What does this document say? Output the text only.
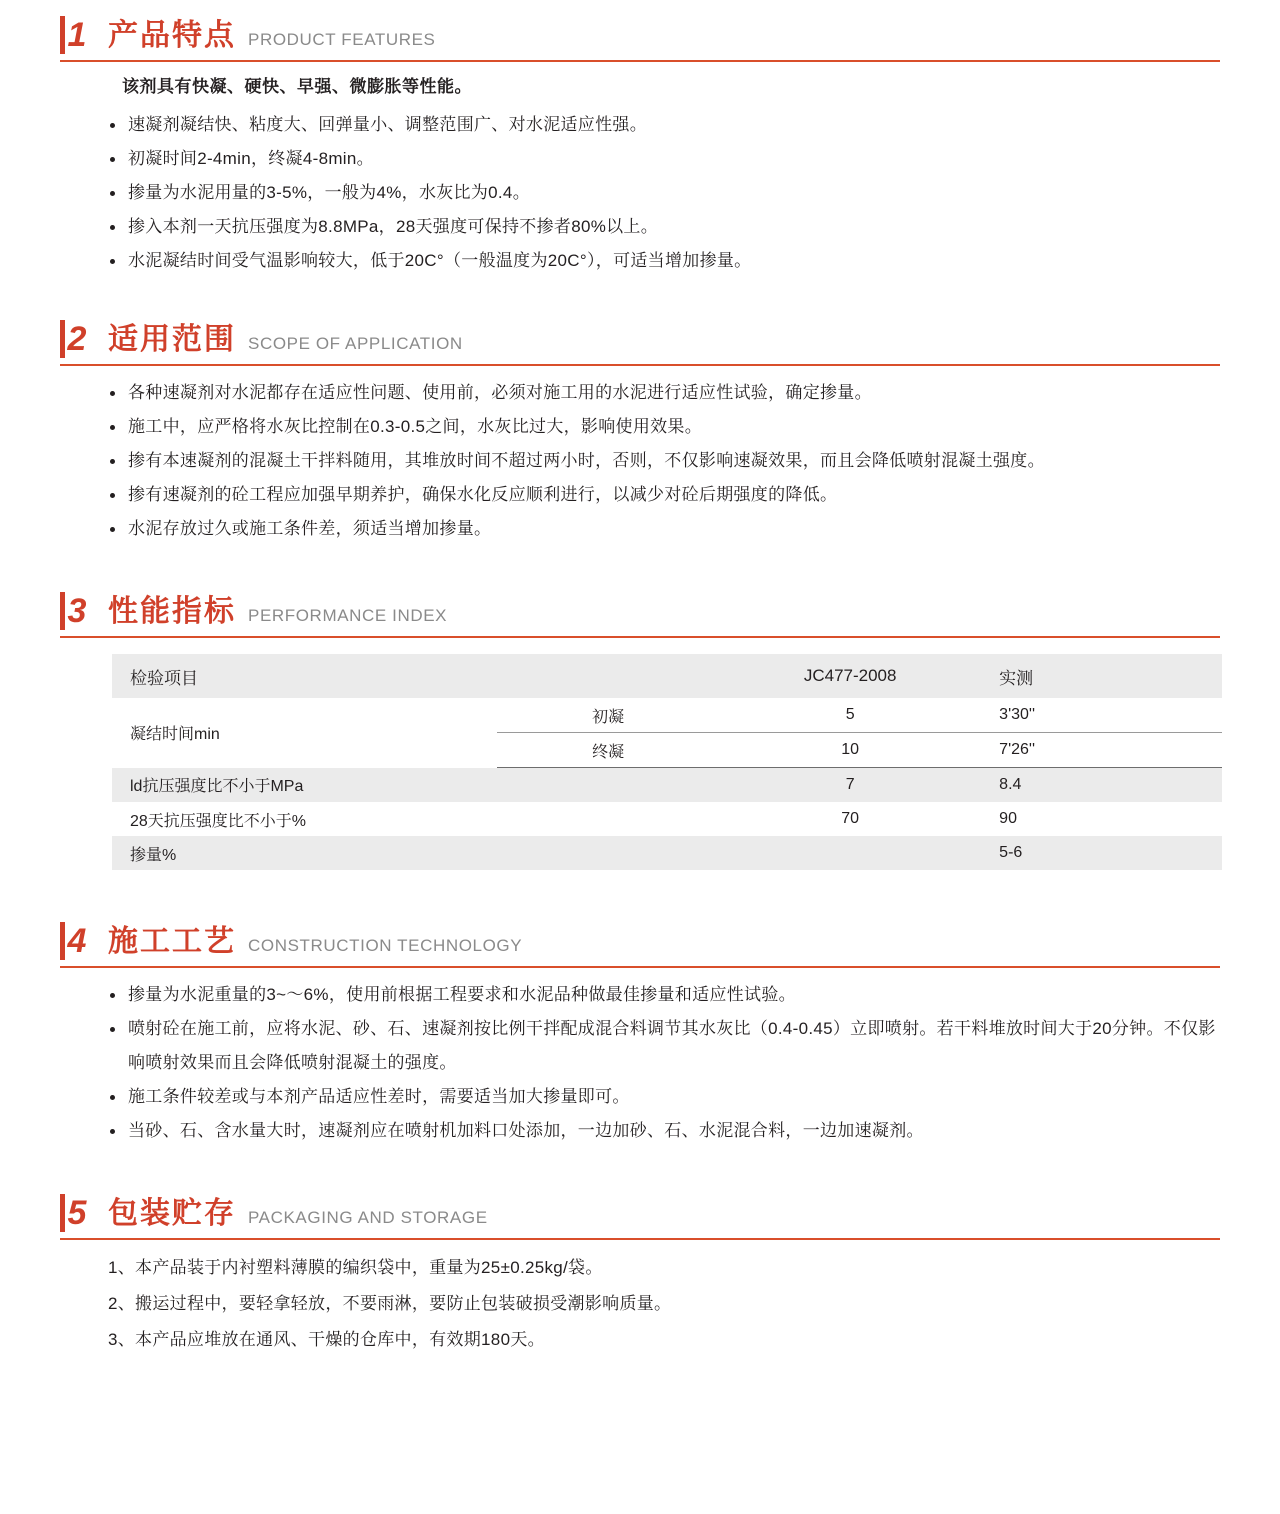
1 产品特点 PRODUCT FEATURES
该剂具有快凝、硬快、早强、微膨胀等性能。
速凝剂凝结快、粘度大、回弹量小、调整范围广、对水泥适应性强。
初凝时间2-4min，终凝4-8min。
掺量为水泥用量的3-5%，一般为4%，水灰比为0.4。
掺入本剂一天抗压强度为8.8MPa，28天强度可保持不掺者80%以上。
水泥凝结时间受气温影响较大，低于20C°（一般温度为20C°），可适当增加掺量。
2 适用范围 SCOPE OF APPLICATION
各种速凝剂对水泥都存在适应性问题、使用前，必须对施工用的水泥进行适应性试验，确定掺量。
施工中，应严格将水灰比控制在0.3-0.5之间，水灰比过大，影响使用效果。
掺有本速凝剂的混凝土干拌料随用，其堆放时间不超过两小时，否则，不仅影响速凝效果，而且会降低喷射混凝土强度。
掺有速凝剂的砼工程应加强早期养护，确保水化反应顺利进行，以减少对砼后期强度的降低。
水泥存放过久或施工条件差，须适当增加掺量。
3 性能指标 PERFORMANCE INDEX
检验项目		JC477-2008	实测
凝结时间min	初凝	5	3'30''
	终凝	10	7'26''
ld抗压强度比不小于MPa		7	8.4
28天抗压强度比不小于%		70	90
掺量%			5-6
4 施工工艺 CONSTRUCTION TECHNOLOGY
掺量为水泥重量的3~～6%，使用前根据工程要求和水泥品种做最佳掺量和适应性试验。
喷射砼在施工前，应将水泥、砂、石、速凝剂按比例干拌配成混合料调节其水灰比（0.4-0.45）立即喷射。若干料堆放时间大于20分钟。不仅影响喷射效果而且会降低喷射混凝土的强度。
施工条件较差或与本剂产品适应性差时，需要适当加大掺量即可。
当砂、石、含水量大时，速凝剂应在喷射机加料口处添加，一边加砂、石、水泥混合料，一边加速凝剂。
5 包装贮存 PACKAGING AND STORAGE
1、本产品装于内衬塑料薄膜的编织袋中，重量为25±0.25kg/袋。
2、搬运过程中，要轻拿轻放，不要雨淋，要防止包装破损受潮影响质量。
3、本产品应堆放在通风、干燥的仓库中，有效期180天。
